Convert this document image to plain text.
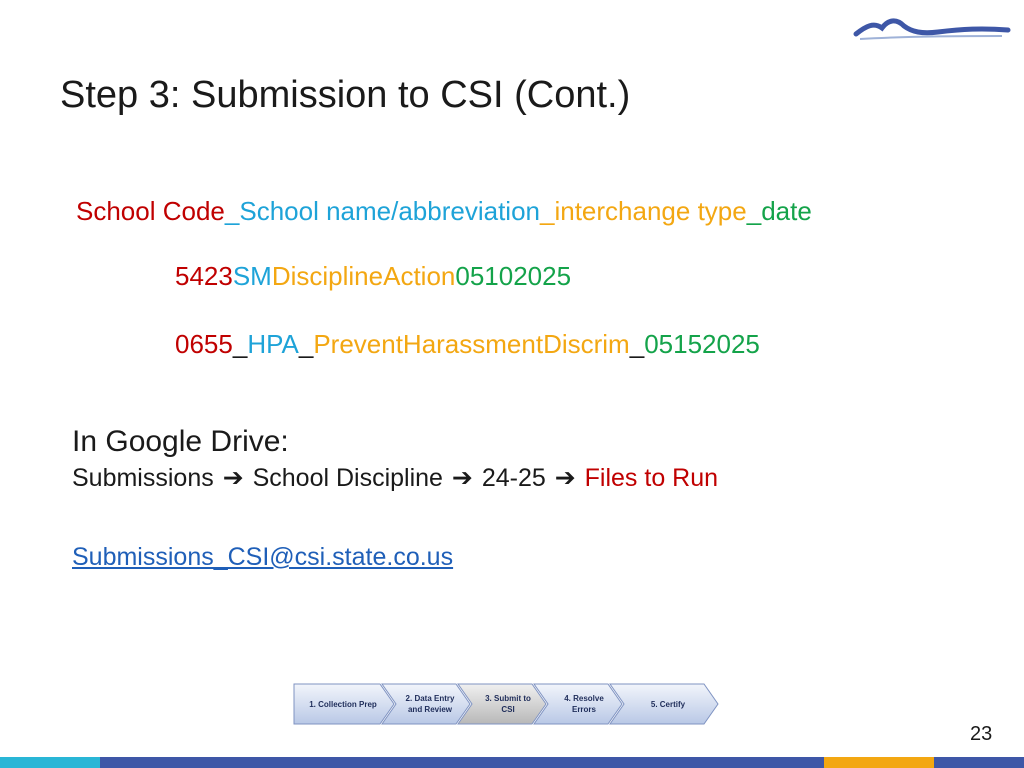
Step 3: Submission to CSI (Cont.)
School Code_School name/abbreviation_interchange type_date
5423SMDisciplineAction05102025
0655_HPA_PreventHarassmentDiscrim_05152025
In Google Drive:
Submissions ➔ School Discipline ➔ 24-25 ➔ Files to Run
Submissions_CSI@csi.state.co.us
1. Collection Prep
2. Data Entry
and Review
3. Submit to
CSI
4. Resolve
Errors
5. Certify
23
